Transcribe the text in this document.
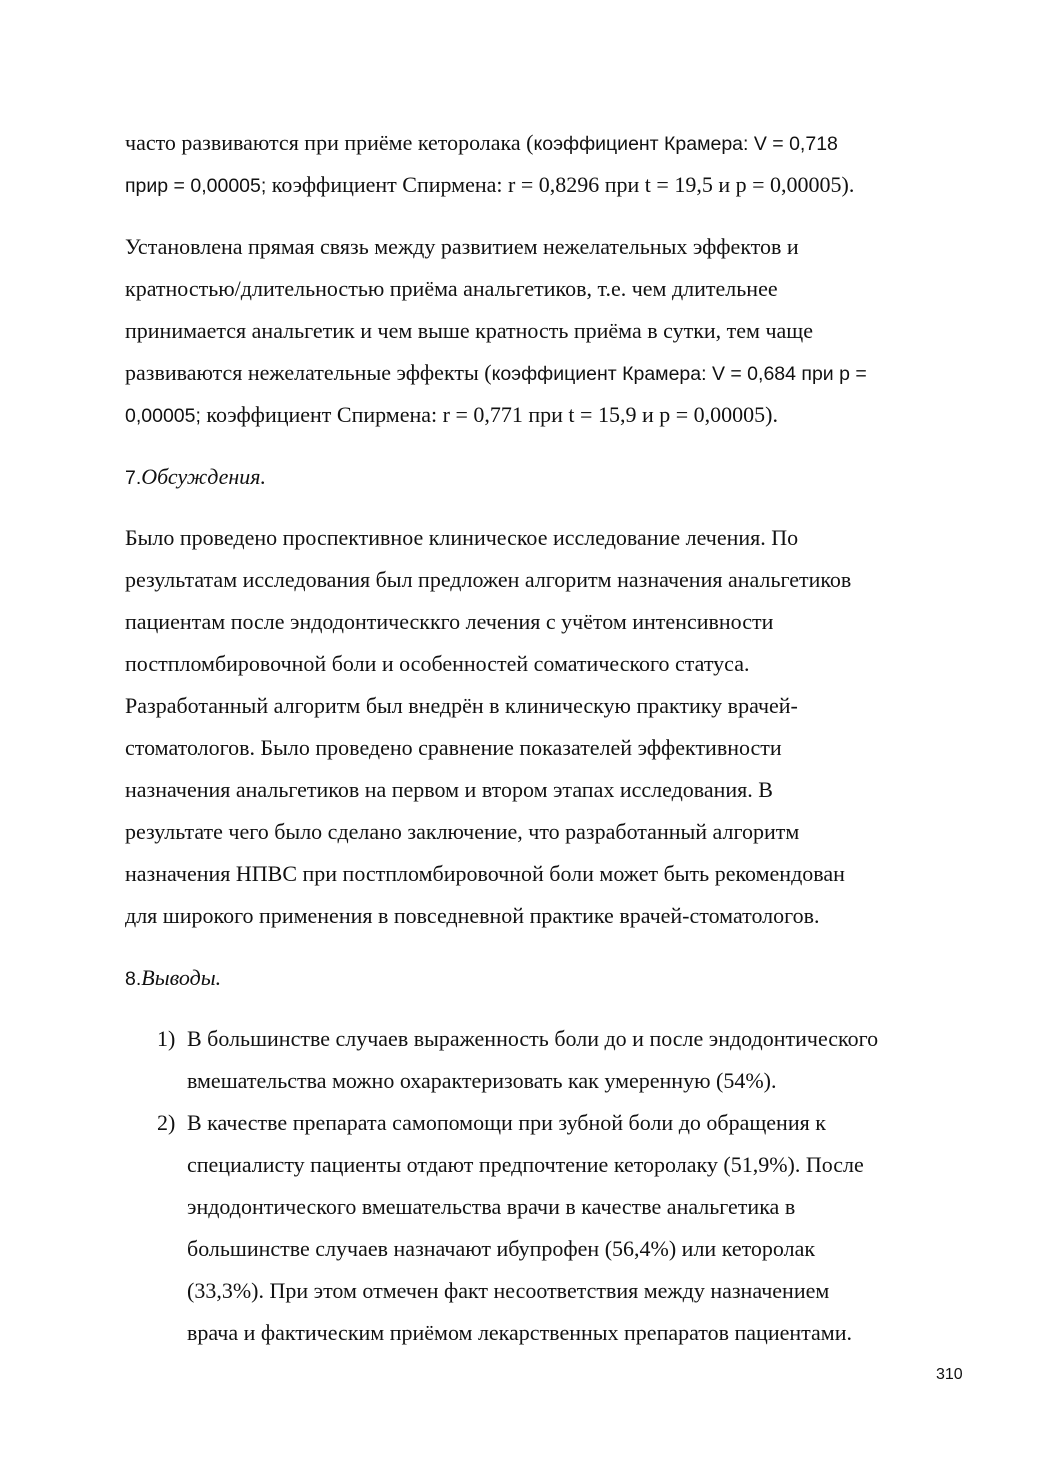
часто развиваются при приёме кеторолака (коэффициент Крамера: V = 0,718
прир = 0,00005; коэффициент Спирмена: r = 0,8296 при t = 19,5 и p = 0,00005).

Установлена прямая связь между развитием нежелательных эффектов и
кратностью/длительностью приёма анальгетиков, т.е. чем длительнее
принимается анальгетик и чем выше кратность приёма в сутки, тем чаще
развиваются нежелательные эффекты (коэффициент Крамера: V = 0,684 при p =
0,00005; коэффициент Спирмена: r = 0,771 при t = 15,9 и p = 0,00005).

7.Обсуждения.

Было проведено проспективное клиническое исследование лечения. По
результатам исследования был предложен алгоритм назначения анальгетиков
пациентам после эндодонтическкго лечения с учётом интенсивности
постпломбировочной боли и особенностей соматического статуса.
Разработанный алгоритм был внедрён в клиническую практику врачей-
стоматологов. Было проведено сравнение показателей эффективности
назначения анальгетиков на первом и втором этапах исследования. В
результате чего было сделано заключение, что разработанный алгоритм
назначения НПВС при постпломбировочной боли может быть рекомендован
для широкого применения в повседневной практике врачей-стоматологов.

8.Выводы.

1) В большинстве случаев выраженность боли до и после эндодонтического
вмешательства можно охарактеризовать как умеренную (54%).

2) В качестве препарата самопомощи при зубной боли до обращения к
специалисту пациенты отдают предпочтение кеторолаку (51,9%). После
эндодонтического вмешательства врачи в качестве анальгетика в
большинстве случаев назначают ибупрофен (56,4%) или кеторолак
(33,3%). При этом отмечен факт несоответствия между назначением
врача и фактическим приёмом лекарственных препаратов пациентами.

310
